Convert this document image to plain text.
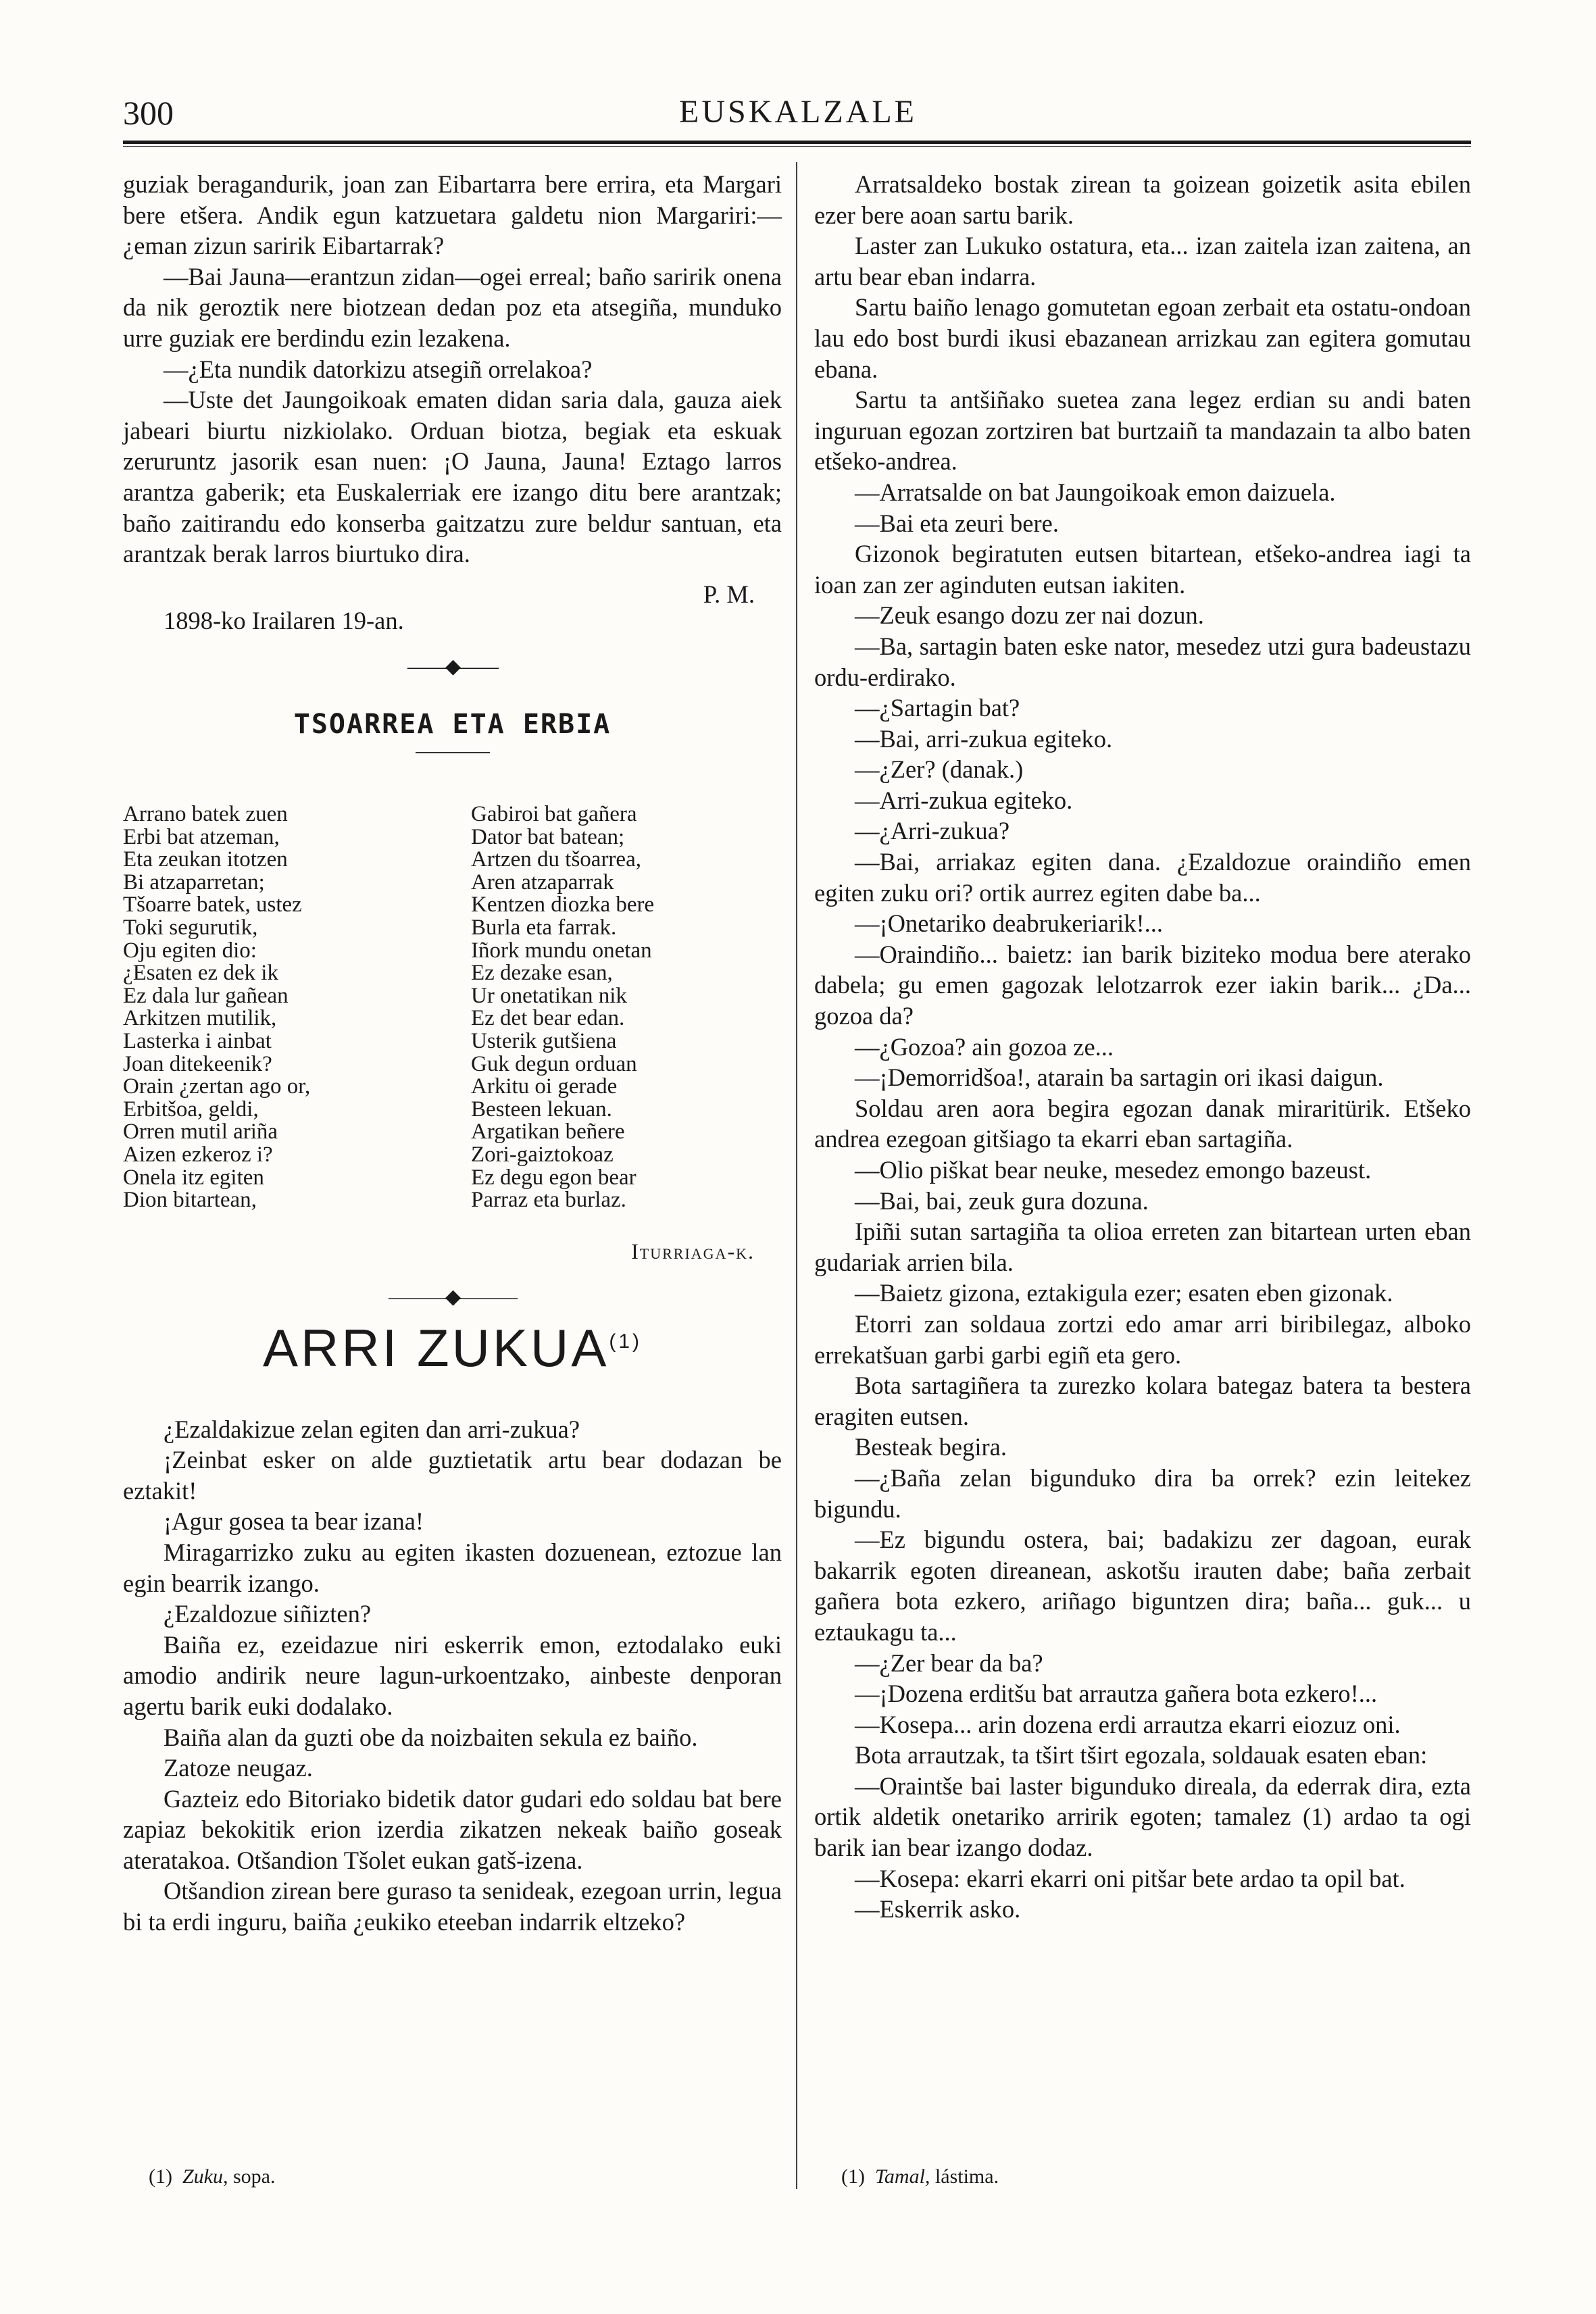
300	EUSKALZALE

guziak beragandurik, joan zan Eibartarra bere errira, eta Margari bere etšera. Andik egun katzuetara galdetu nion Margariri:—¿eman zizun saririk Eibartarrak?

—Bai Jauna—erantzun zidan—ogei erreal; baño saririk onena da nik geroztik nere biotzean dedan poz eta atsegiña, munduko urre guziak ere berdindu ezin lezakena.

—¿Eta nundik datorkizu atsegiñ orrelakoa?

—Uste det Jaungoikoak ematen didan saria dala, gauza aiek jabeari biurtu nizkiolako. Orduan biotza, begiak eta eskuak zeruruntz jasorik esan nuen: ¡O Jauna, Jauna! Eztago larros arantza gaberik; eta Euskalerriak ere izango ditu bere arantzak; baño zaitirandu edo konserba gaitzatzu zure beldur santuan, eta arantzak berak larros biurtuko dira.

P. M.
1898-ko Irailaren 19-an.
——◆——
TSOARREA ETA ERBIA
Arrano batek zuen
Erbi bat atzeman,
Eta zeukan itotzen
Bi atzaparretan;
Tšoarre batek, ustez
Toki segurutik,
Oju egiten dio:
¿Esaten ez dek ik
Ez dala lur gañean
Arkitzen mutilik,
Lasterka i ainbat
Joan ditekeenik?
Orain ¿zertan ago or,
Erbitšoa, geldi,
Orren mutil ariña
Aizen ezkeroz i?
Onela itz egiten
Dion bitartean,
Gabiroi bat gañera
Dator bat batean;
Artzen du tšoarrea,
Aren atzaparrak
Kentzen diozka bere
Burla eta farrak.
Iñork mundu onetan
Ez dezake esan,
Ur onetatikan nik
Ez det bear edan.
Usterik gutšiena
Guk degun orduan
Arkitu oi gerade
Besteen lekuan.
Argatikan beñere
Zori-gaiztokoaz
Ez degu egon bear
Parraz eta burlaz.
Iturriaga-k.
———◆———
ARRI ZUKUA$^{(1)}$

¿Ezaldakizue zelan egiten dan arri-zukua?

¡Zeinbat esker on alde guztietatik artu bear dodazan be eztakit!

¡Agur gosea ta bear izana!

Miragarrizko zuku au egiten ikasten dozuenean, eztozue lan egin bearrik izango.

¿Ezaldozue siñizten?

Baiña ez, ezeidazue niri eskerrik emon, eztodalako euki amodio andirik neure lagun-urkoentzako, ainbeste denporan agertu barik euki dodalako.

Baiña alan da guzti obe da noizbaiten sekula ez baiño.

Zatoze neugaz.

Gazteiz edo Bitoriako bidetik dator gudari edo soldau bat bere zapiaz bekokitik erion izerdia zikatzen nekeak baiño goseak ateratakoa. Otšandion Tšolet eukan gatš-izena.

Otšandion zirean bere guraso ta senideak, ezegoan urrin, legua bi ta erdi inguru, baiña ¿eukiko eteeban indarrik eltzeko?

Arratsaldeko bostak zirean ta goizean goizetik asita ebilen ezer bere aoan sartu barik.

Laster zan Lukuko ostatura, eta... izan zaitela izan zaitena, an artu bear eban indarra.

Sartu baiño lenago gomutetan egoan zerbait eta ostatu-ondoan lau edo bost burdi ikusi ebazanean arrizkau zan egitera gomutau ebana.

Sartu ta antšiñako suetea zana legez erdian su andi baten inguruan egozan zortziren bat burtzaiñ ta mandazain ta albo baten etšeko-andrea.

—Arratsalde on bat Jaungoikoak emon daizuela.

—Bai eta zeuri bere.

Gizonok begiratuten eutsen bitartean, etšeko-andrea iagi ta ioan zan zer aginduten eutsan iakiten.

—Zeuk esango dozu zer nai dozun.

—Ba, sartagin baten eske nator, mesedez utzi gura badeustazu ordu-erdirako.

—¿Sartagin bat?

—Bai, arri-zukua egiteko.

—¿Zer? (danak.)

—Arri-zukua egiteko.

—¿Arri-zukua?

—Bai, arriakaz egiten dana. ¿Ezaldozue oraindiño emen egiten zuku ori? ortik aurrez egiten dabe ba...

—¡Onetariko deabrukeriarik!...

—Oraindiño... baietz: ian barik biziteko modua bere aterako dabela; gu emen gagozak lelotzarrok ezer iakin barik... ¿Da... gozoa da?

—¿Gozoa? ain gozoa ze...

—¡Demorridšoa!, atarain ba sartagin ori ikasi daigun.

Soldau aren aora begira egozan danak miraritürik. Etšeko andrea ezegoan gitšiago ta ekarri eban sartagiña.

—Olio piškat bear neuke, mesedez emongo bazeust.

—Bai, bai, zeuk gura dozuna.

Ipiñi sutan sartagiña ta olioa erreten zan bitartean urten eban gudariak arrien bila.

—Baietz gizona, eztakigula ezer; esaten eben gizonak.

Etorri zan soldaua zortzi edo amar arri biribilegaz, alboko errekatšuan garbi garbi egiñ eta gero.

Bota sartagiñera ta zurezko kolara bategaz batera ta bestera eragiten eutsen.

Besteak begira.

—¿Baña zelan bigunduko dira ba orrek? ezin leitekez bigundu.

—Ez bigundu ostera, bai; badakizu zer dagoan, eurak bakarrik egoten direanean, askotšu irauten dabe; baña zerbait gañera bota ezkero, ariñago biguntzen dira; baña... guk... u eztaukagu ta...

—¿Zer bear da ba?

—¡Dozena erditšu bat arrautza gañera bota ezkero!...

—Kosepa... arin dozena erdi arrautza ekarri eiozuz oni.

Bota arrautzak, ta tširt tširt egozala, soldauak esaten eban:

—Oraintše bai laster bigunduko direala, da ederrak dira, ezta ortik aldetik onetariko arririk egoten; tamalez (1) ardao ta ogi barik ian bear izango dodaz.

—Kosepa: ekarri ekarri oni pitšar bete ardao ta opil bat.

—Eskerrik asko.

(1) Zuku, sopa.	(1) Tamal, lástima.
